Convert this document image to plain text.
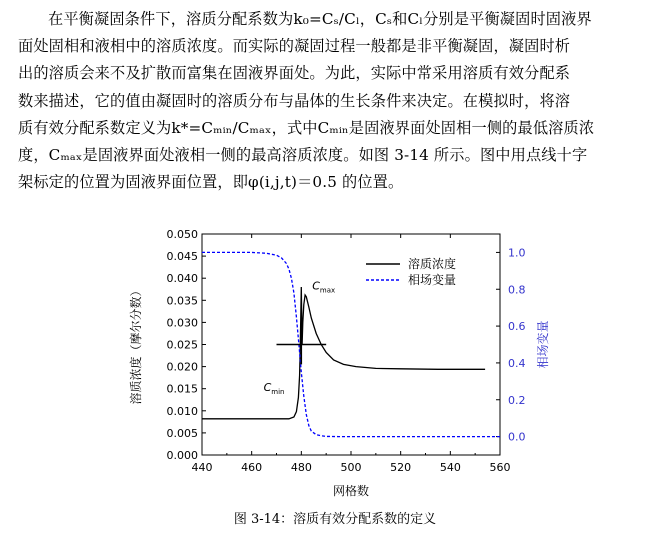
在平衡凝固条件下，溶质分配系数为k₀=Cₛ/Cₗ，Cₛ和Cₗ分别是平衡凝固时固液界
面处固相和液相中的溶质浓度。而实际的凝固过程一般都是非平衡凝固，凝固时析
出的溶质会来不及扩散而富集在固液界面处。为此，实际中常采用溶质有效分配系
数来描述，它的值由凝固时的溶质分布与晶体的生长条件来决定。在模拟时，将溶
质有效分配系数定义为k*=Cₘᵢₙ/Cₘₐₓ，式中Cₘᵢₙ是固液界面处固相一侧的最低溶质浓
度，Cₘₐₓ是固液界面处液相一侧的最高溶质浓度。如图 3-14 所示。图中用点线十字
架标定的位置为固液界面位置，即φ(i,j,t)＝0.5 的位置。
440	460	480	500	520	540	560
0.000
0.005
0.010
0.015
0.020
0.025
0.030
0.035
0.040
0.045
0.050
0.0
0.2
0.4
0.6
0.8
1.0
网格数
溶质浓度（摩尔分数）	相场变量
$C_{max}$
$C_{min}$
溶质浓度
相场变量
图 3-14：溶质有效分配系数的定义
